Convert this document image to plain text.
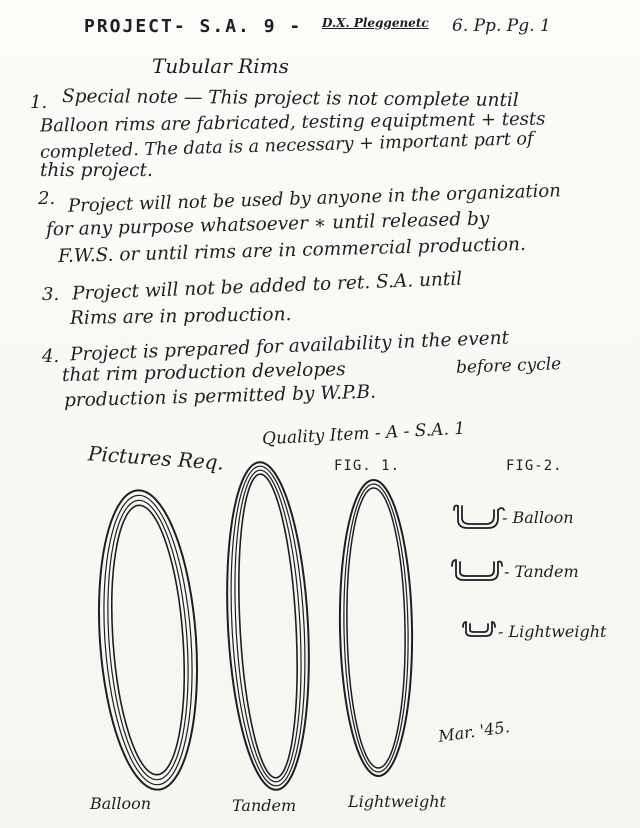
PROJECT- S.A. 9 - D.X. Pleggenetc 6. Pp. Pg. 1
Tubular Rims
1. Special note — This project is not complete until
Balloon rims are fabricated, testing equiptment + tests
completed. The data is a necessary + important part of
this project.
2. Project will not be used by anyone in the organization
for any purpose whatsoever ∗ until released by
F.W.S. or until rims are in commercial production.
3. Project will not be added to ret. S.A. until
Rims are in production.
4. Project is prepared for availability in the event
that rim production developes	before cycle
production is permitted by W.P.B.
Quality Item - A - S.A. 1
Pictures Req.	FIG. 1.	FIG-2.
- Balloon
- Tandem
- Lightweight
Balloon	Tandem	Lightweight
Mar. '45.
